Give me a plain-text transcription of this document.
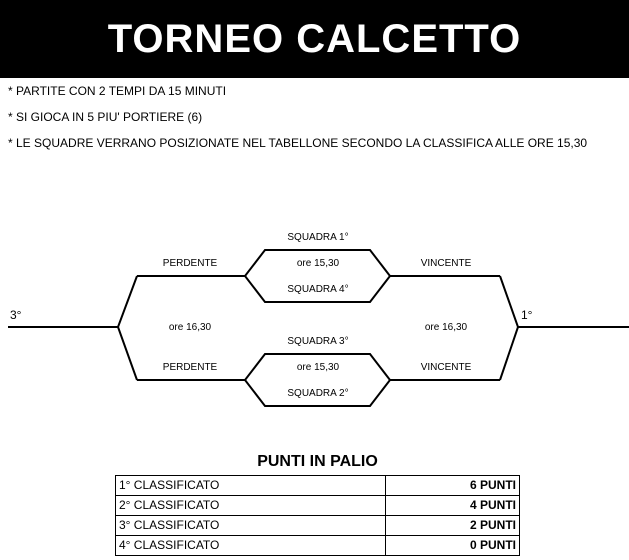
TORNEO CALCETTO
* PARTITE CON 2 TEMPI DA 15 MINUTI
* SI GIOCA IN 5 PIU' PORTIERE (6)
* LE SQUADRE VERRANO POSIZIONATE NEL TABELLONE SECONDO LA CLASSIFICA ALLE ORE 15,30
SQUADRA 1°
ore 15,30
SQUADRA 4°
PERDENTE	VINCENTE
SQUADRA 3°
ore 15,30
SQUADRA 2°
PERDENTE	VINCENTE
ore 16,30
3°
ore 16,30
1°
PUNTI IN PALIO
1° CLASSIFICATO	6 PUNTI
2° CLASSIFICATO	4 PUNTI
3° CLASSIFICATO	2 PUNTI
4° CLASSIFICATO	0 PUNTI
